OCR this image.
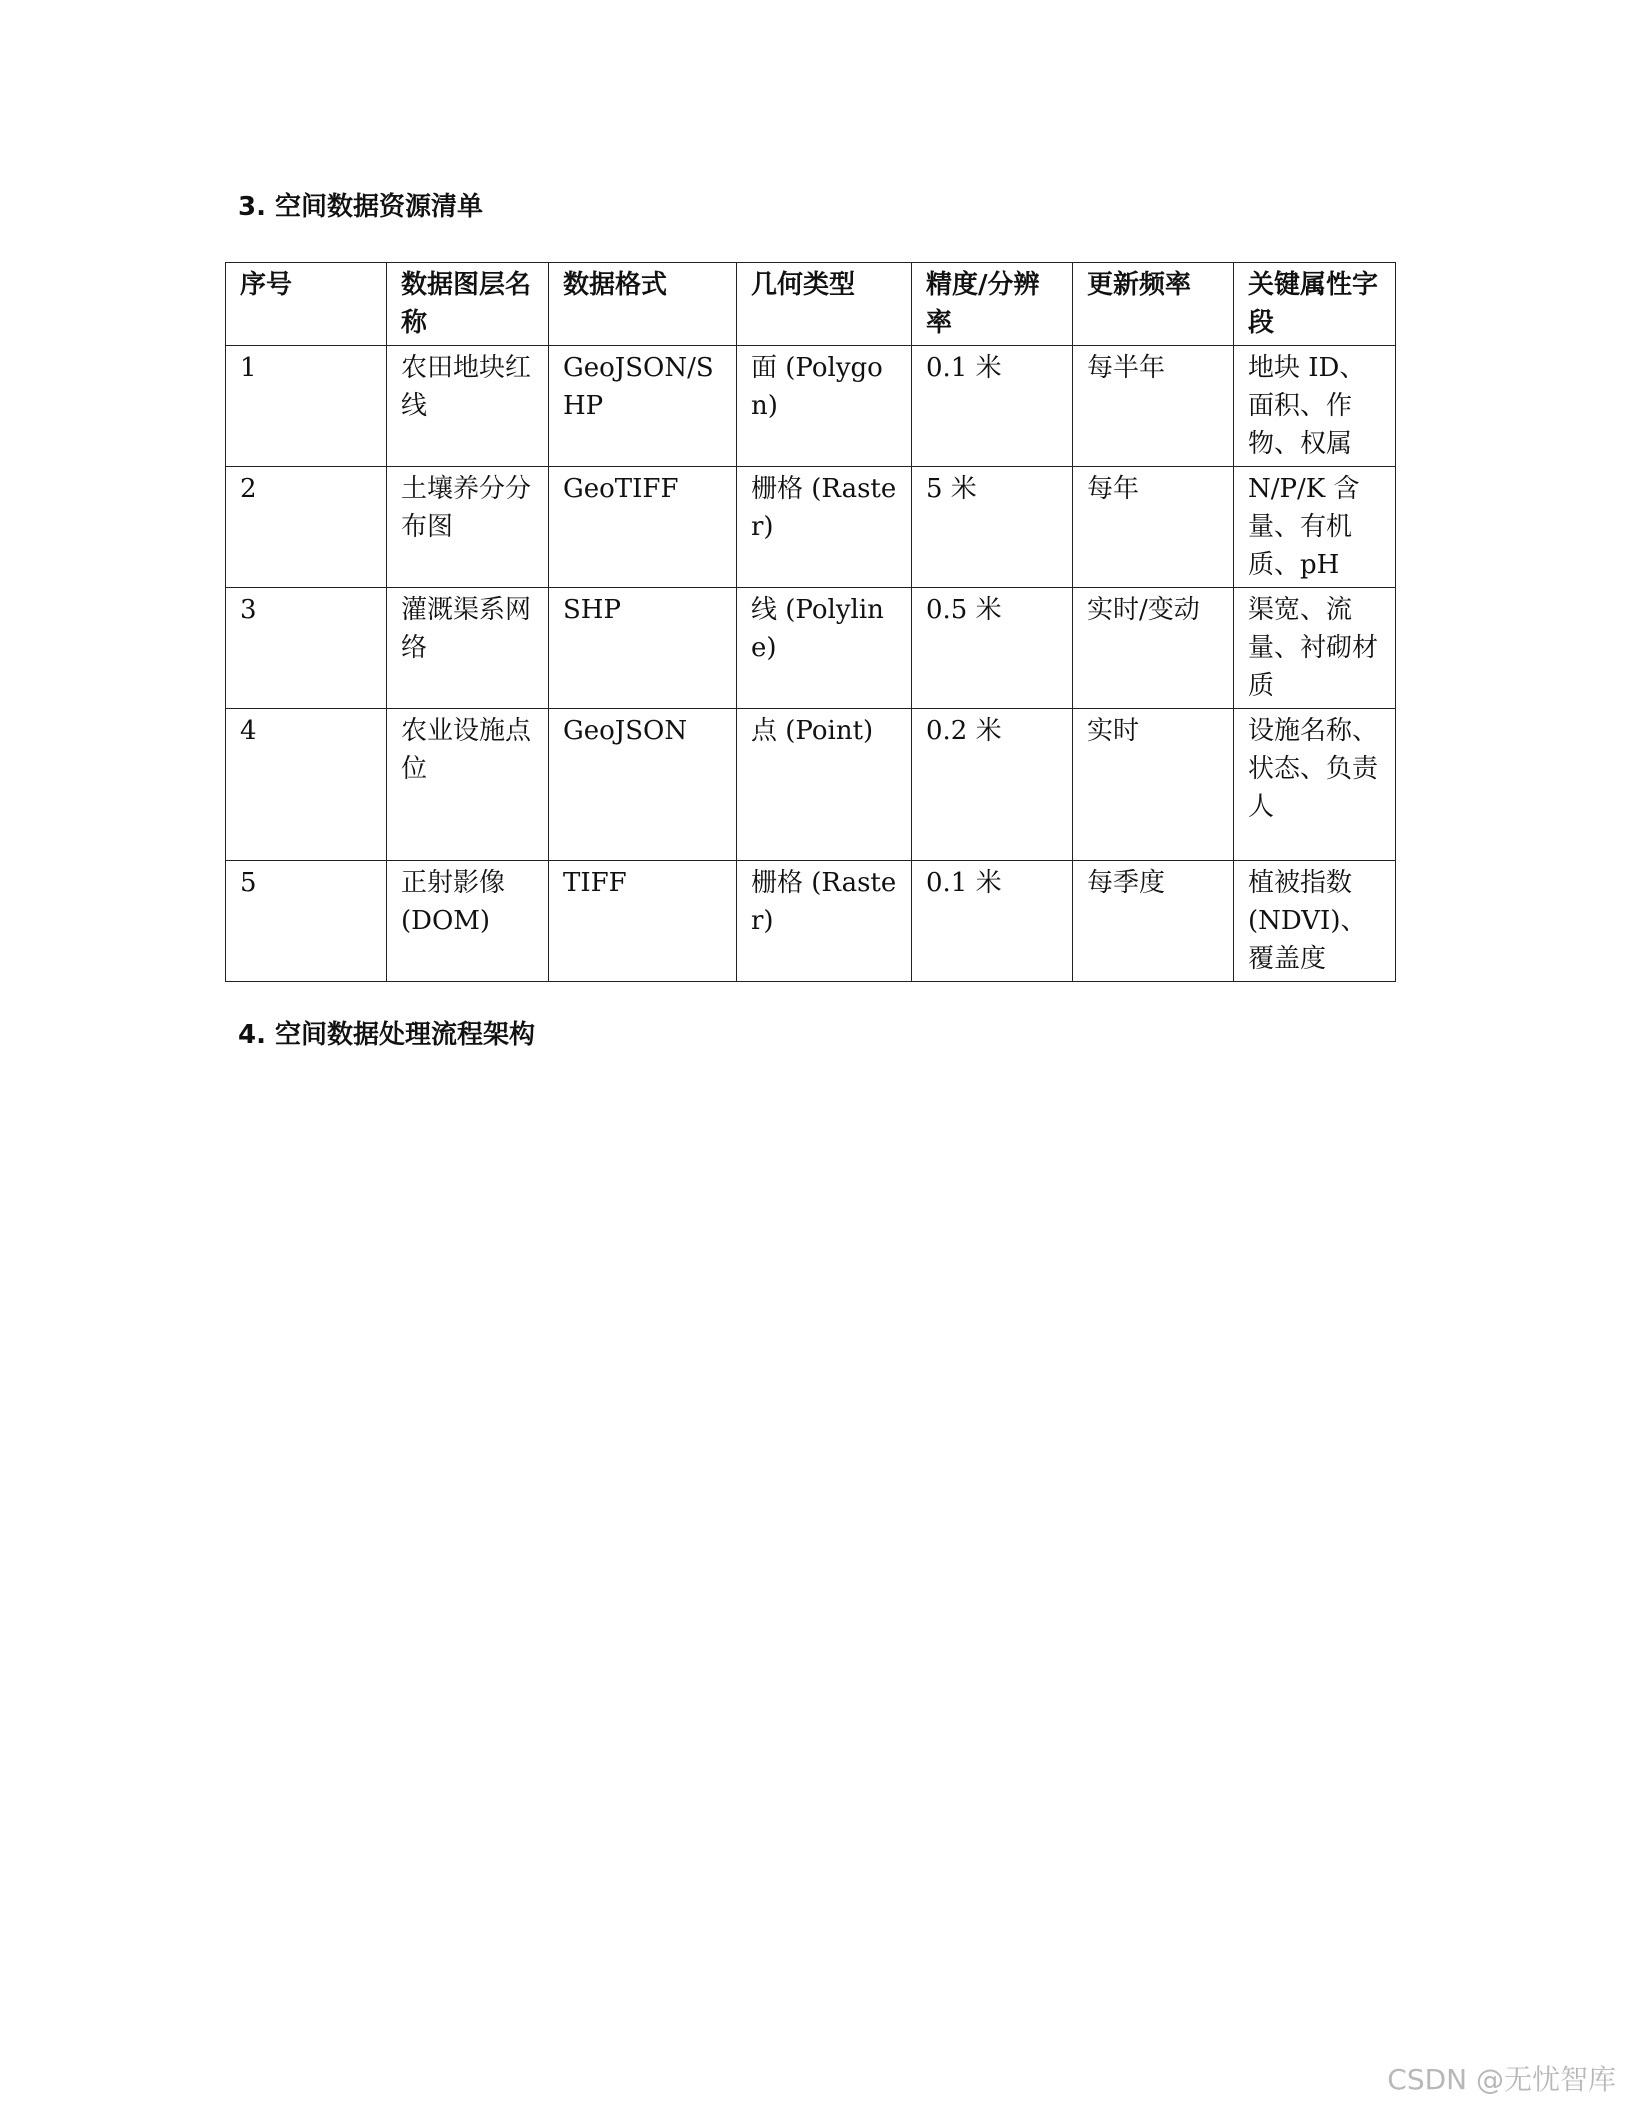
3. 空间数据资源清单
序号	数据图层名称	数据格式	几何类型	精度/分辨率	更新频率	关键属性字段
1	农田地块红线	GeoJSON/SHP	面 (Polygon)	0.1 米	每半年	地块 ID、面积、作物、权属
2	土壤养分分布图	GeoTIFF	栅格 (Raster)	5 米	每年	N/P/K 含量、有机质、pH
3	灌溉渠系网络	SHP	线 (Polyline)	0.5 米	实时/变动	渠宽、流量、衬砌材质
4	农业设施点位	GeoJSON	点 (Point)	0.2 米	实时	设施名称、状态、负责人
5	正射影像(DOM)	TIFF	栅格 (Raster)	0.1 米	每季度	植被指数(NDVI)、覆盖度
4. 空间数据处理流程架构
CSDN @无忧智库
